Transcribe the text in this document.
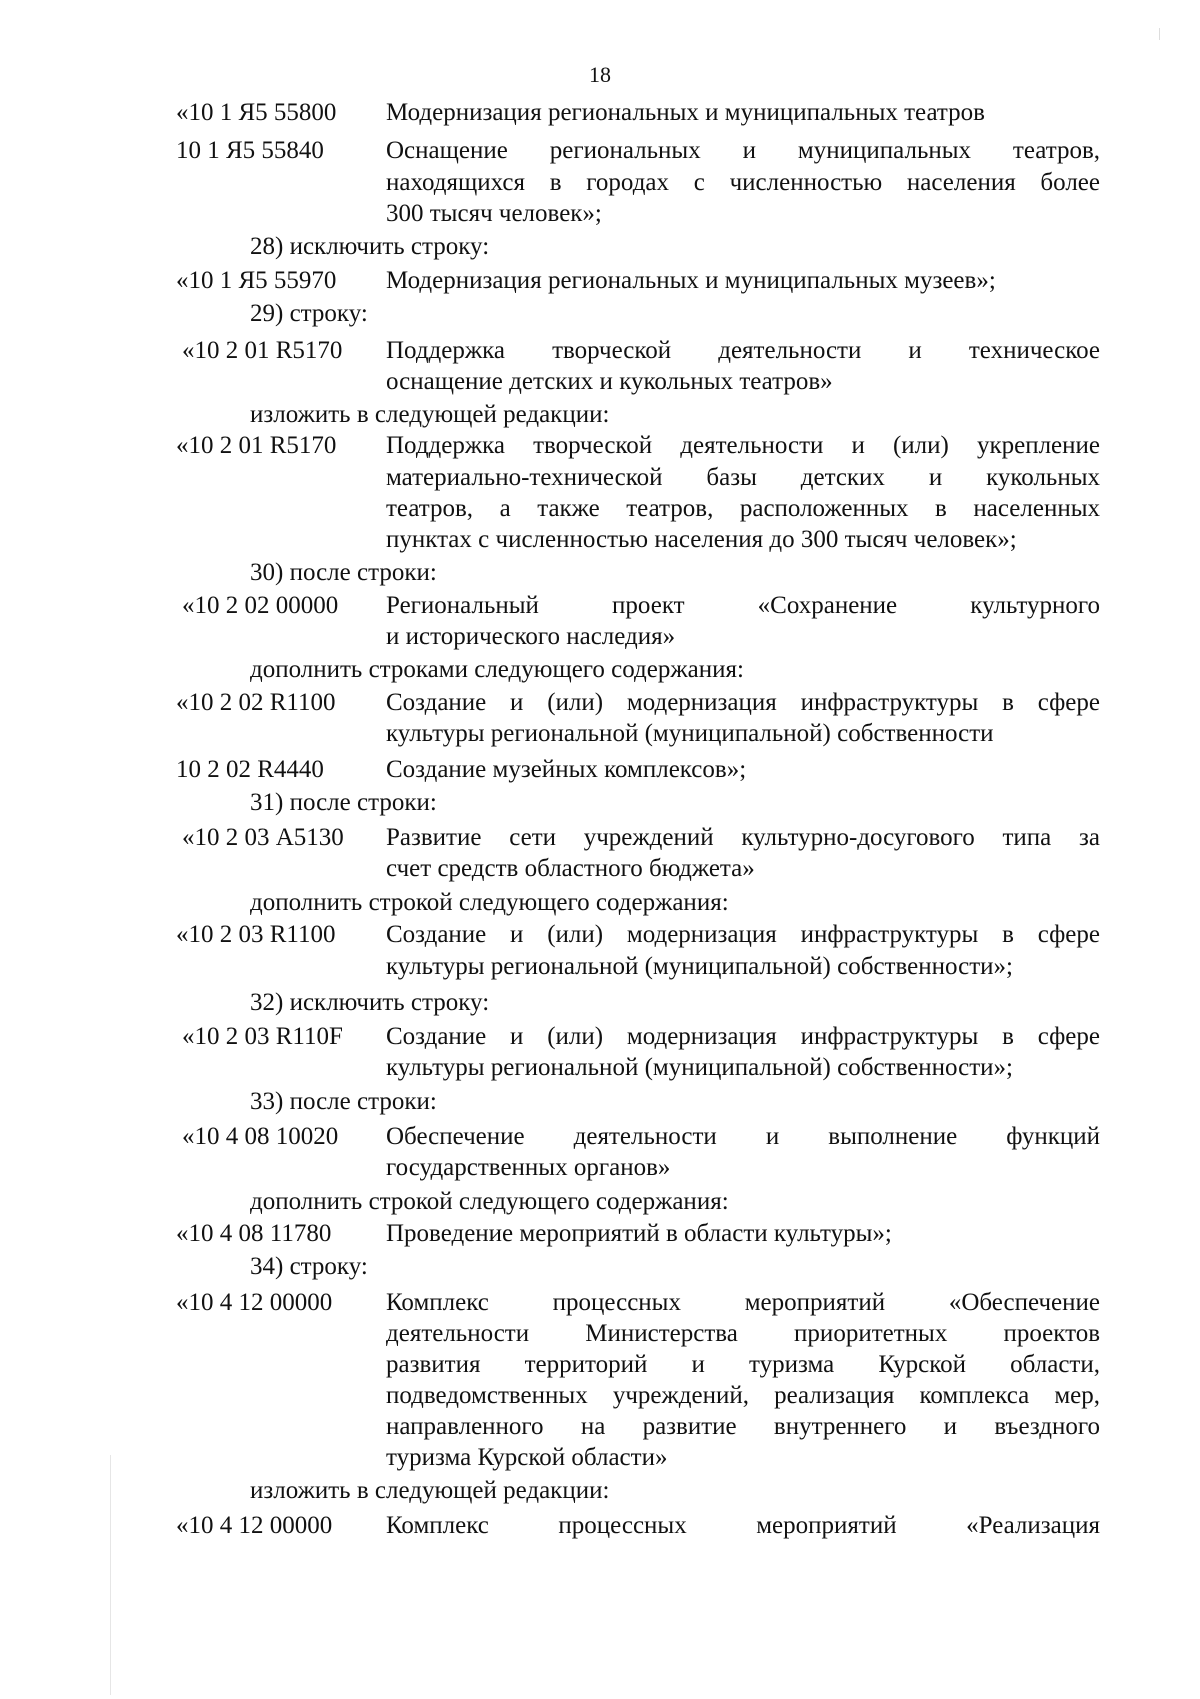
18
«10 1 Я5 55800 Модернизация региональных и муниципальных театров
10 1 Я5 55840 Оснащение региональных и муниципальных театров,
находящихся в городах с численностью населения более
300 тысяч человек»;
28) исключить строку:
«10 1 Я5 55970 Модернизация региональных и муниципальных музеев»;
29) строку:
«10 2 01 R5170 Поддержка творческой деятельности и техническое
оснащение детских и кукольных театров»
изложить в следующей редакции:
«10 2 01 R5170 Поддержка творческой деятельности и (или) укрепление
материально-технической базы детских и кукольных
театров, а также театров, расположенных в населенных
пунктах с численностью населения до 300 тысяч человек»;
30) после строки:
«10 2 02 00000 Региональный проект «Сохранение культурного
и исторического наследия»
дополнить строками следующего содержания:
«10 2 02 R1100 Создание и (или) модернизация инфраструктуры в сфере
культуры региональной (муниципальной) собственности
10 2 02 R4440 Создание музейных комплексов»;
31) после строки:
«10 2 03 А5130 Развитие сети учреждений культурно-досугового типа за
счет средств областного бюджета»
дополнить строкой следующего содержания:
«10 2 03 R1100 Создание и (или) модернизация инфраструктуры в сфере
культуры региональной (муниципальной) собственности»;
32) исключить строку:
«10 2 03 R110F Создание и (или) модернизация инфраструктуры в сфере
культуры региональной (муниципальной) собственности»;
33) после строки:
«10 4 08 10020 Обеспечение деятельности и выполнение функций
государственных органов»
дополнить строкой следующего содержания:
«10 4 08 11780 Проведение мероприятий в области культуры»;
34) строку:
«10 4 12 00000 Комплекс процессных мероприятий «Обеспечение
деятельности Министерства приоритетных проектов
развития территорий и туризма Курской области,
подведомственных учреждений, реализация комплекса мер,
направленного на развитие внутреннего и въездного
туризма Курской области»
изложить в следующей редакции:
«10 4 12 00000 Комплекс процессных мероприятий «Реализация
